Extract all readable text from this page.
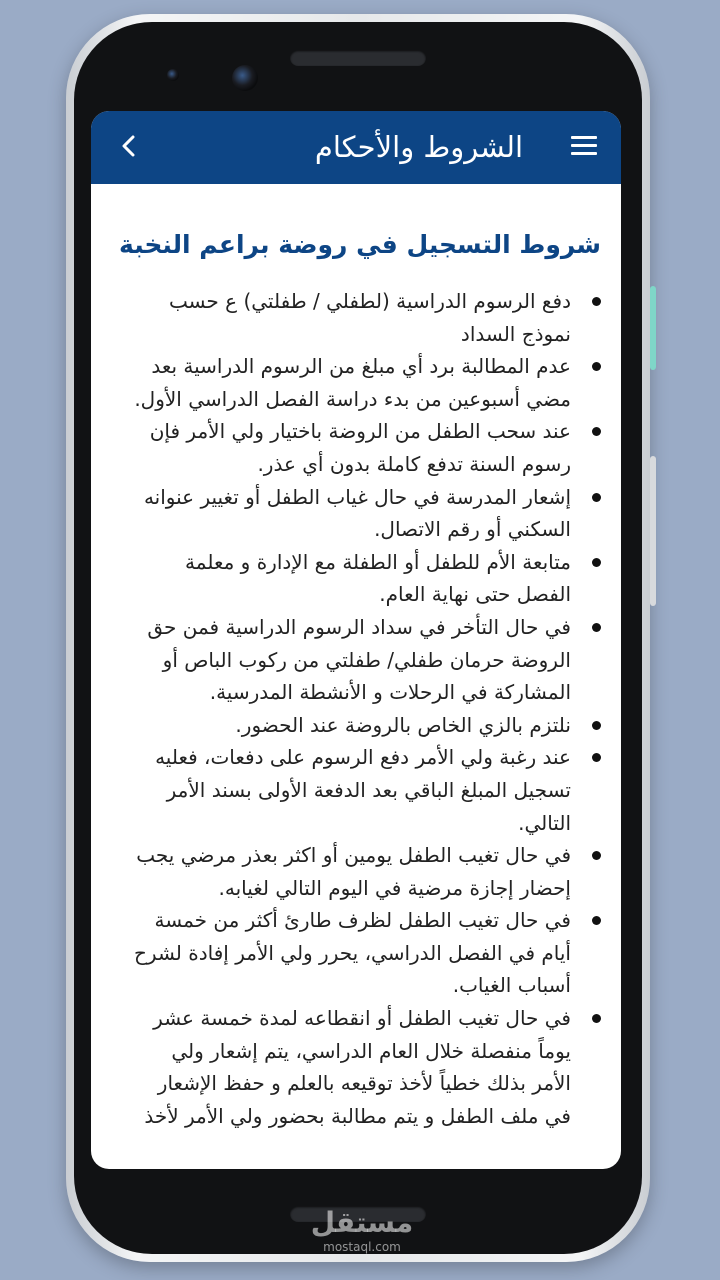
الشروط والأحكام
شروط التسجيل في روضة براعم النخبة
دفع الرسوم الدراسية (لطفلي / طفلتي) ع حسب نموذج السداد
عدم المطالبة برد أي مبلغ من الرسوم الدراسية بعد مضي أسبوعين من بدء دراسة الفصل الدراسي الأول.
عند سحب الطفل من الروضة باختيار ولي الأمر فإن رسوم السنة تدفع كاملة بدون أي عذر.
إشعار المدرسة في حال غياب الطفل أو تغيير عنوانه السكني أو رقم الاتصال.
متابعة الأم للطفل أو الطفلة مع الإدارة و معلمة الفصل حتى نهاية العام.
في حال التأخر في سداد الرسوم الدراسية فمن حق الروضة حرمان طفلي/ طفلتي من ركوب الباص أو المشاركة في الرحلات و الأنشطة المدرسية.
نلتزم بالزي الخاص بالروضة عند الحضور.
عند رغبة ولي الأمر دفع الرسوم على دفعات، فعليه تسجيل المبلغ الباقي بعد الدفعة الأولى بسند الأمر التالي.
في حال تغيب الطفل يومين أو اكثر بعذر مرضي يجب إحضار إجازة مرضية في اليوم التالي لغيابه.
في حال تغيب الطفل لظرف طارئ أكثر من خمسة أيام في الفصل الدراسي، يحرر ولي الأمر إفادة لشرح أسباب الغياب.
في حال تغيب الطفل أو انقطاعه لمدة خمسة عشر يوماً منفصلة خلال العام الدراسي، يتم إشعار ولي الأمر بذلك خطياً لأخذ توقيعه بالعلم و حفظ الإشعار في ملف الطفل و يتم مطالبة بحضور ولي الأمر لأخذ
مستقل
mostaql.com
